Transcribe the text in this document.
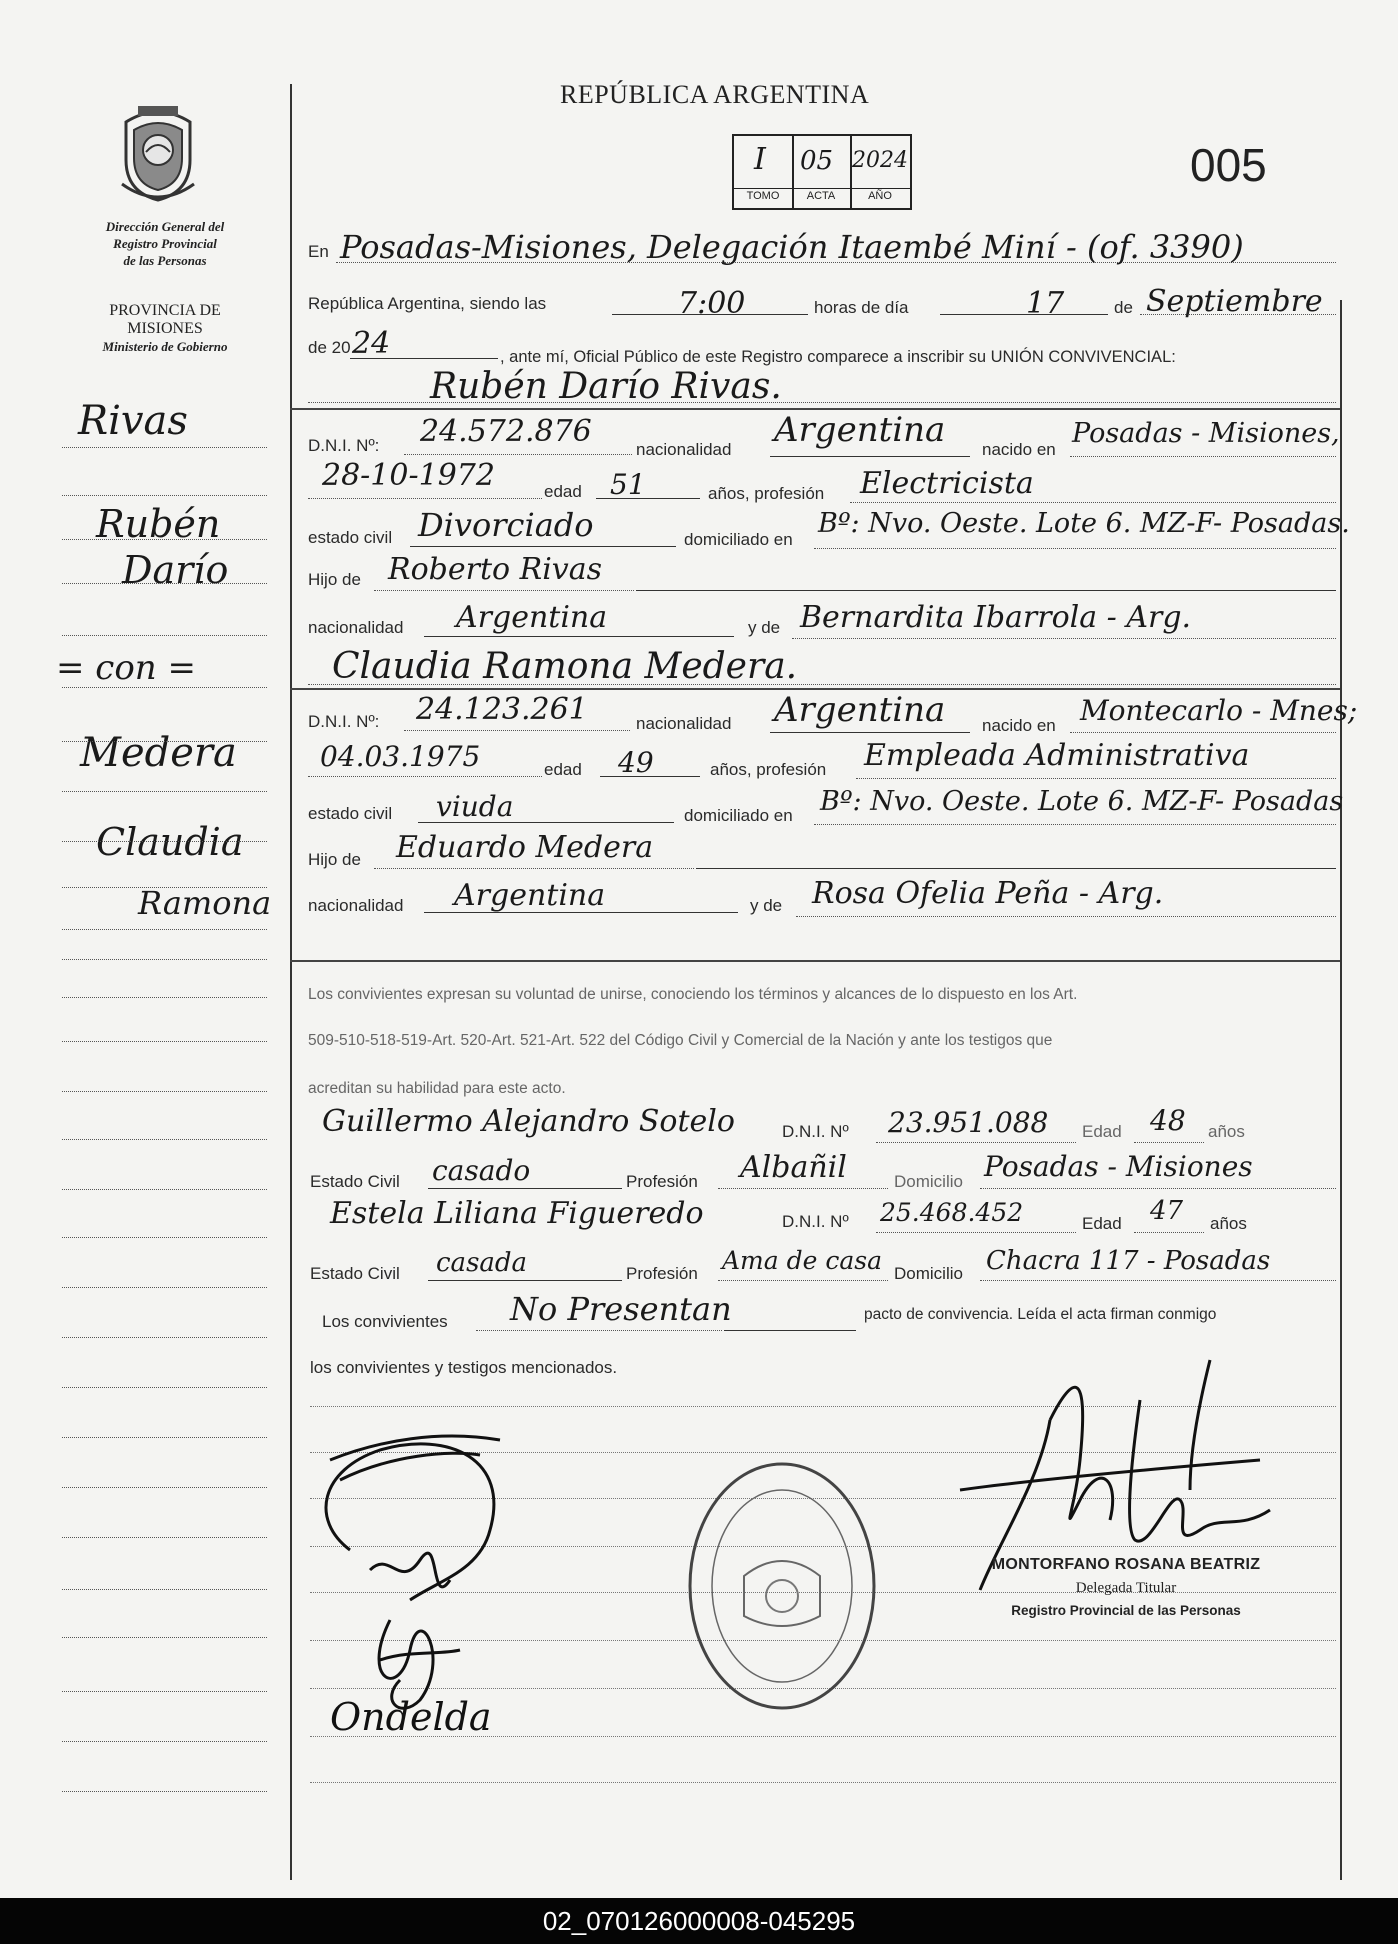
Dirección General del
Registro Provincial
de las Personas
PROVINCIA DE
MISIONES
Ministerio de Gobierno
Rivas
Rubén
Darío
= con =
Medera
Claudia
Ramona
REPÚBLICA ARGENTINA
I 05 2024
TOMO	ACTA	AÑO
005
En Posadas-Misiones, Delegación Itaembé Miní - (of. 3390)
República Argentina, siendo las	7:00	horas de día	17	de Septiembre
de 20 24	, ante mí, Oficial Público de este Registro comparece a inscribir su UNIÓN CONVIVENCIAL:
Rubén Darío Rivas.
D.N.I. Nº: 24.572.876
nacionalidad Argentina nacido en
Posadas - Misiones,
28-10-1972	edad 51	años, profesión Electricista
estado civil Divorciado	domiciliado en
Bº: Nvo. Oeste. Lote 6. MZ-F- Posadas.
Hijo de Roberto Rivas
nacionalidad Argentina	y de Bernardita Ibarrola - Arg.
Claudia Ramona Medera.
D.N.I. Nº: 24.123.261	nacionalidad Argentina nacido en Montecarlo - Mnes;
04.03.1975	edad 49	años, profesión Empleada Administrativa
estado civil viuda	domiciliado en Bº: Nvo. Oeste. Lote 6. MZ-F- Posadas
Hijo de Eduardo Medera
nacionalidad Argentina	y de Rosa Ofelia Peña - Arg.
Los convivientes expresan su voluntad de unirse, conociendo los términos y alcances de lo dispuesto en los Art.
509-510-518-519-Art. 520-Art. 521-Art. 522 del Código Civil y Comercial de la Nación y ante los testigos que
acreditan su habilidad para este acto.
Guillermo Alejandro Sotelo	D.N.I. Nº 23.951.088 Edad 48 años
Estado Civil casado	Profesión Albañil	Domicilio Posadas - Misiones
Estela Liliana Figueredo	D.N.I. Nº 25.468.452	Edad 47 años
Estado Civil casada	Profesión Ama de casa Domicilio Chacra 117 - Posadas
Los convivientes No Presentan	pacto de convivencia. Leída el acta firman conmigo
los convivientes y testigos mencionados.
Ondelda
MONTORFANO ROSANA BEATRIZ
Delegada Titular
Registro Provincial de las Personas
02_070126000008-045295
